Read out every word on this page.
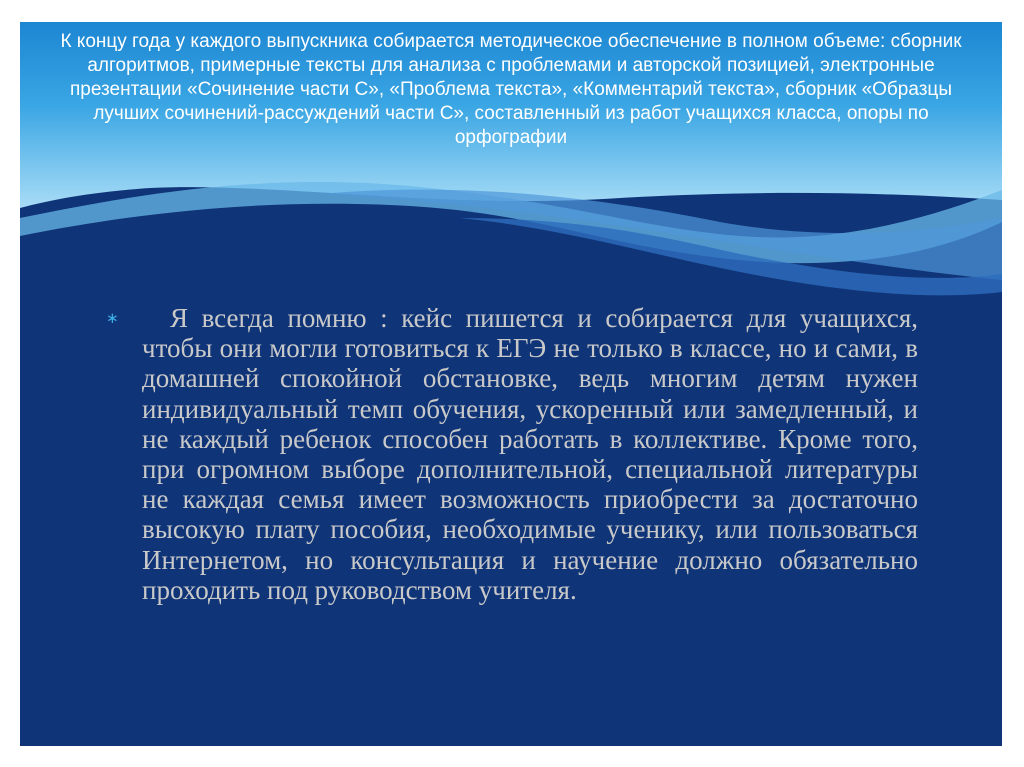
К концу года у каждого выпускника собирается методическое обеспечение в полном объеме: сборник алгоритмов, примерные тексты для анализа с проблемами и авторской позицией, электронные презентации «Сочинение части С», «Проблема текста», «Комментарий текста», сборник «Образцы лучших сочинений-рассуждений части С», составленный из работ учащихся класса, опоры по орфографии

∗	Я всегда помню : кейс пишется и собирается для учащихся, чтобы они могли готовиться к ЕГЭ не только в классе, но и сами, в домашней спокойной обстановке, ведь многим детям нужен индивидуальный темп обучения, ускоренный или замедленный, и не каждый ребенок способен работать в коллективе. Кроме того, при огромном выборе дополнительной, специальной литературы не каждая семья имеет возможность приобрести за достаточно высокую плату пособия, необходимые ученику, или пользоваться Интернетом, но консультация и научение должно обязательно проходить под руководством учителя.
